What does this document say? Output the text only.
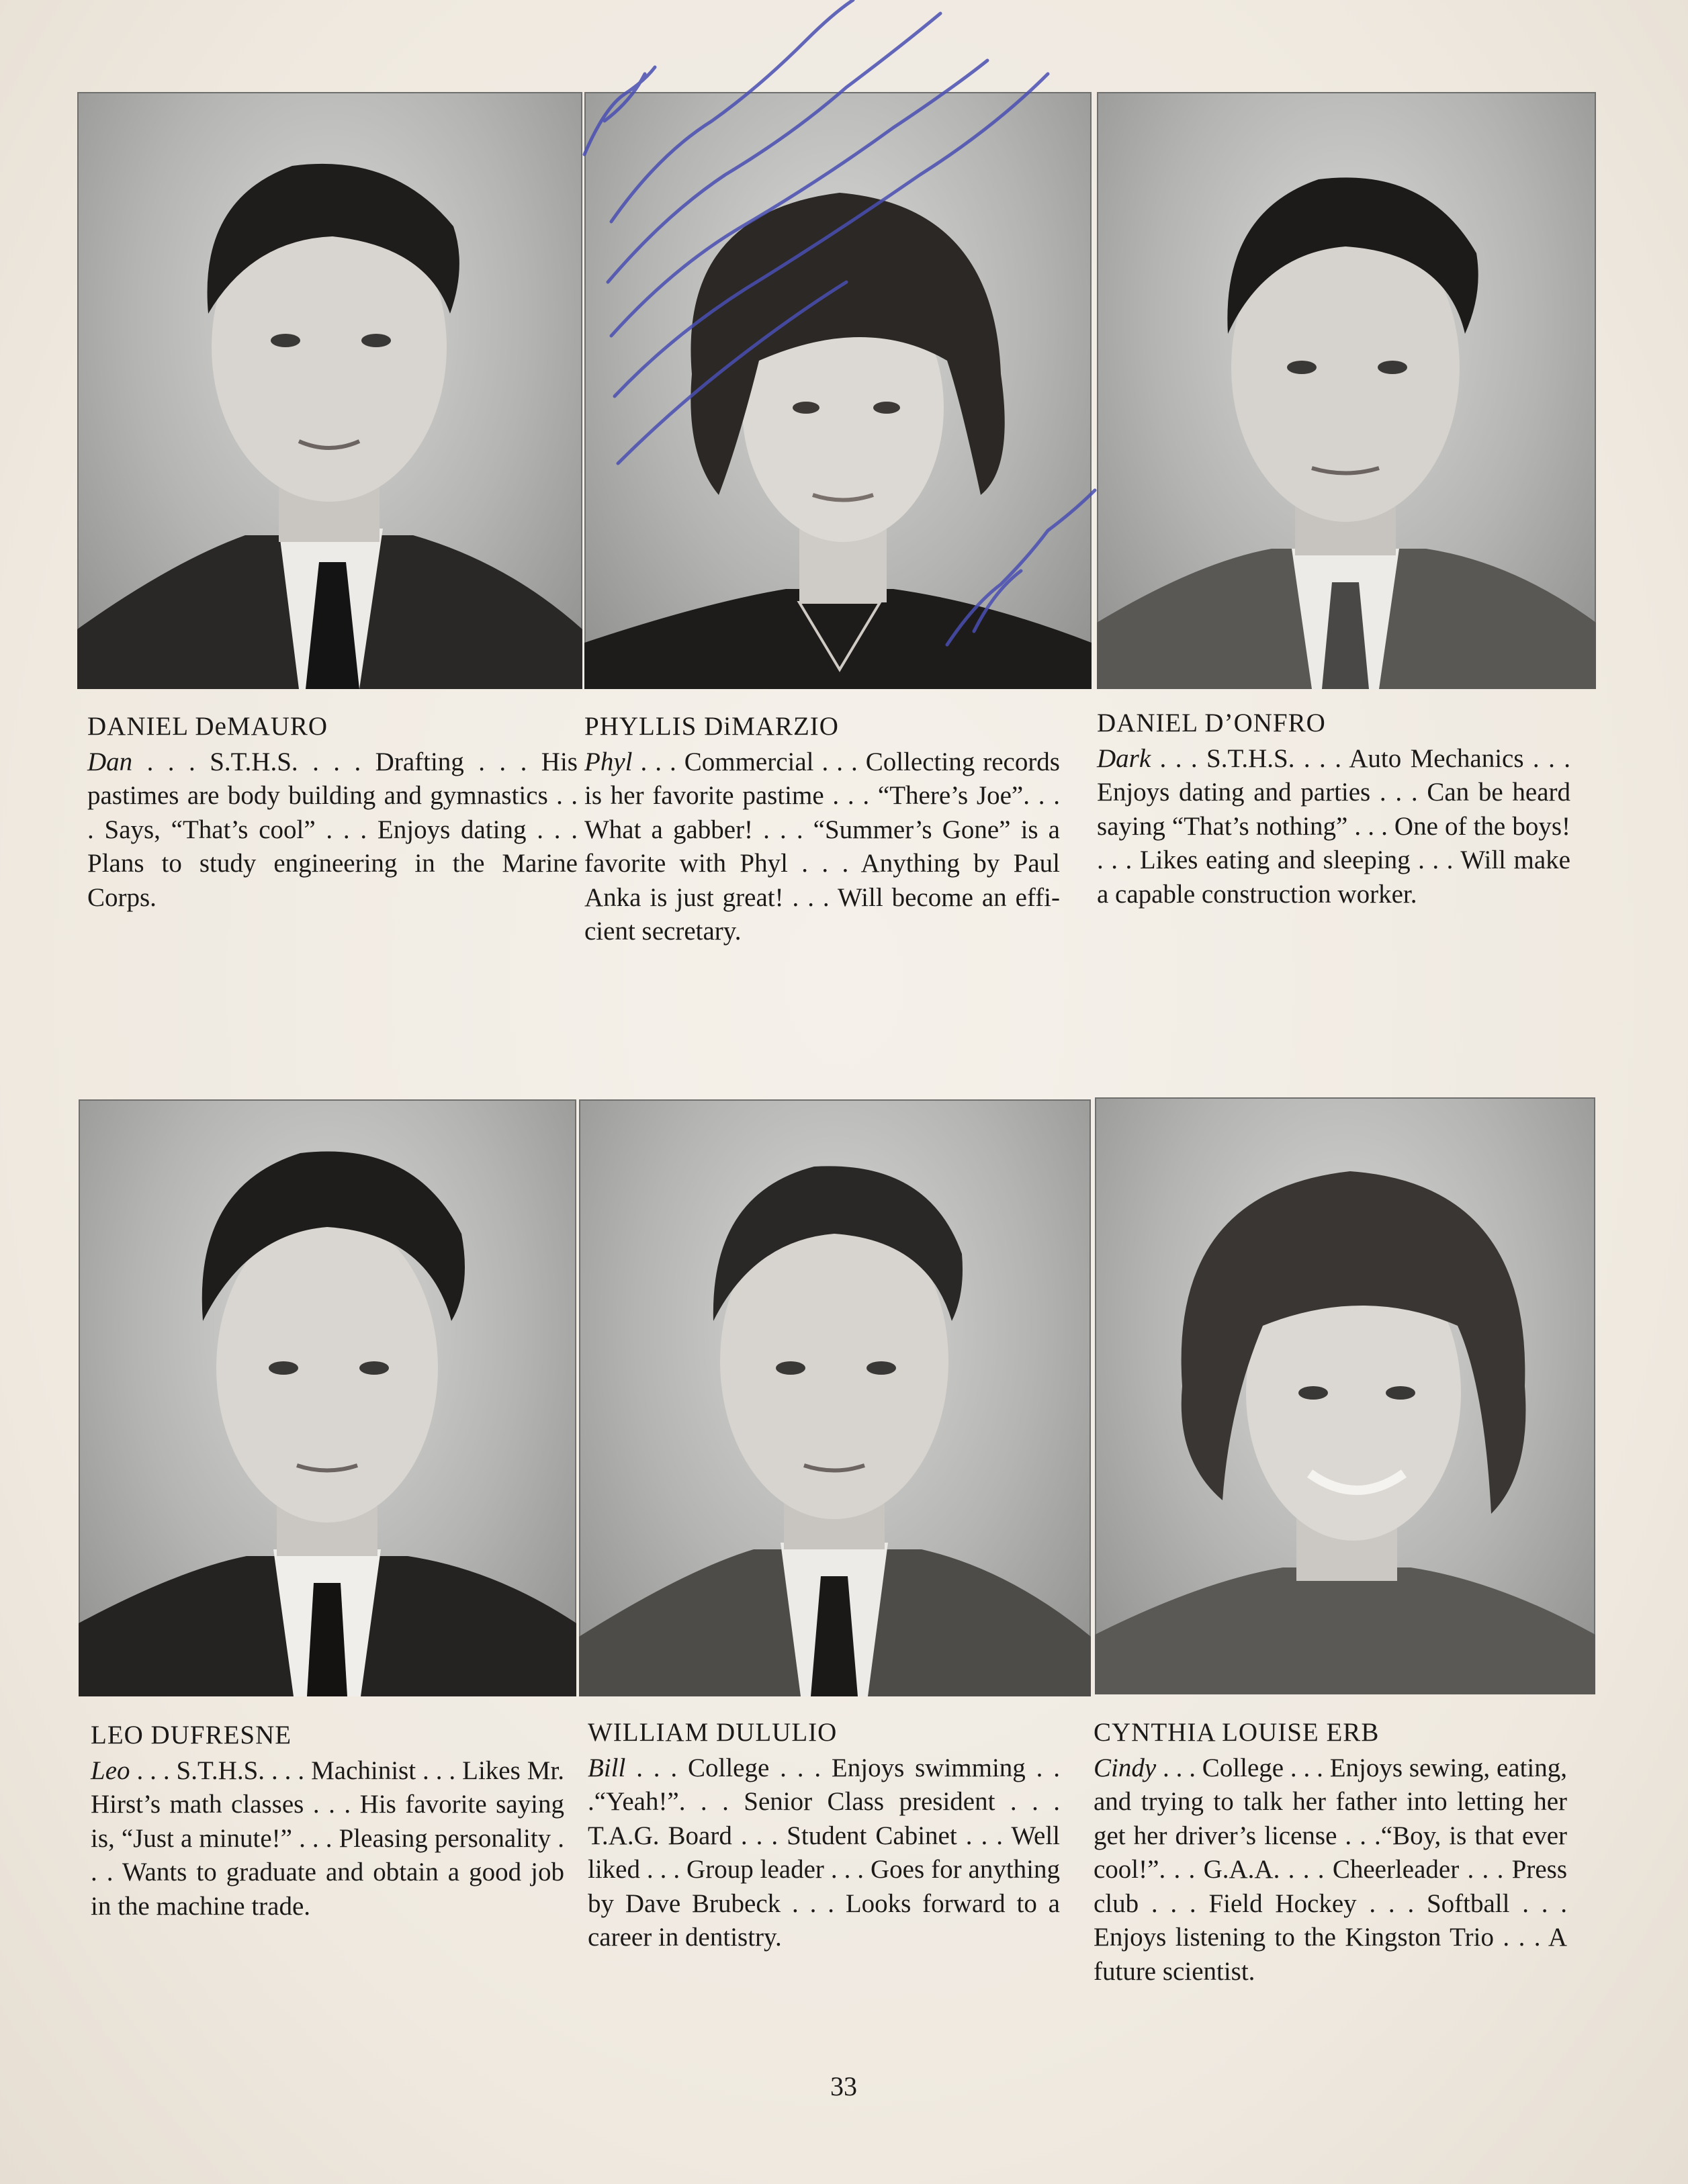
DANIEL DeMAURO
Dan . . . S.T.H.S. . . . Drafting . . . His pastimes are body building and gymnastics . . . Says, “That’s cool” . . . Enjoys dating . . . Plans to study engineering in the Marine Corps.
PHYLLIS DiMARZIO
Phyl . . . Commercial . . . Collecting records is her favorite pastime . . . “There’s Joe”. . . What a gabber! . . . “Summer’s Gone” is a favorite with Phyl . . . Anything by Paul Anka is just great! . . . Will become an efficient secretary.
DANIEL D’ONFRO
Dark . . . S.T.H.S. . . . Auto Mechanics . . . Enjoys dating and parties . . . Can be heard saying “That’s nothing” . . . One of the boys! . . . Likes eating and sleeping . . . Will make a capable construction worker.
LEO DUFRESNE
Leo . . . S.T.H.S. . . . Machinist . . . Likes Mr. Hirst’s math classes . . . His favorite saying is, “Just a minute!” . . . Pleasing personality . . . Wants to graduate and obtain a good job in the machine trade.
WILLIAM DULULIO
Bill . . . College . . . Enjoys swimming . . .“Yeah!”. . . Senior Class president . . . T.A.G. Board . . . Student Cabinet . . . Well liked . . . Group leader . . . Goes for anything by Dave Brubeck . . . Looks forward to a career in dentistry.
CYNTHIA LOUISE ERB
Cindy . . . College . . . Enjoys sewing, eating, and trying to talk her father into letting her get her driver’s license . . .“Boy, is that ever cool!”. . . G.A.A. . . . Cheerleader . . . Press club . . . Field Hockey . . . Softball . . . Enjoys listening to the Kingston Trio . . . A future scientist.
33
